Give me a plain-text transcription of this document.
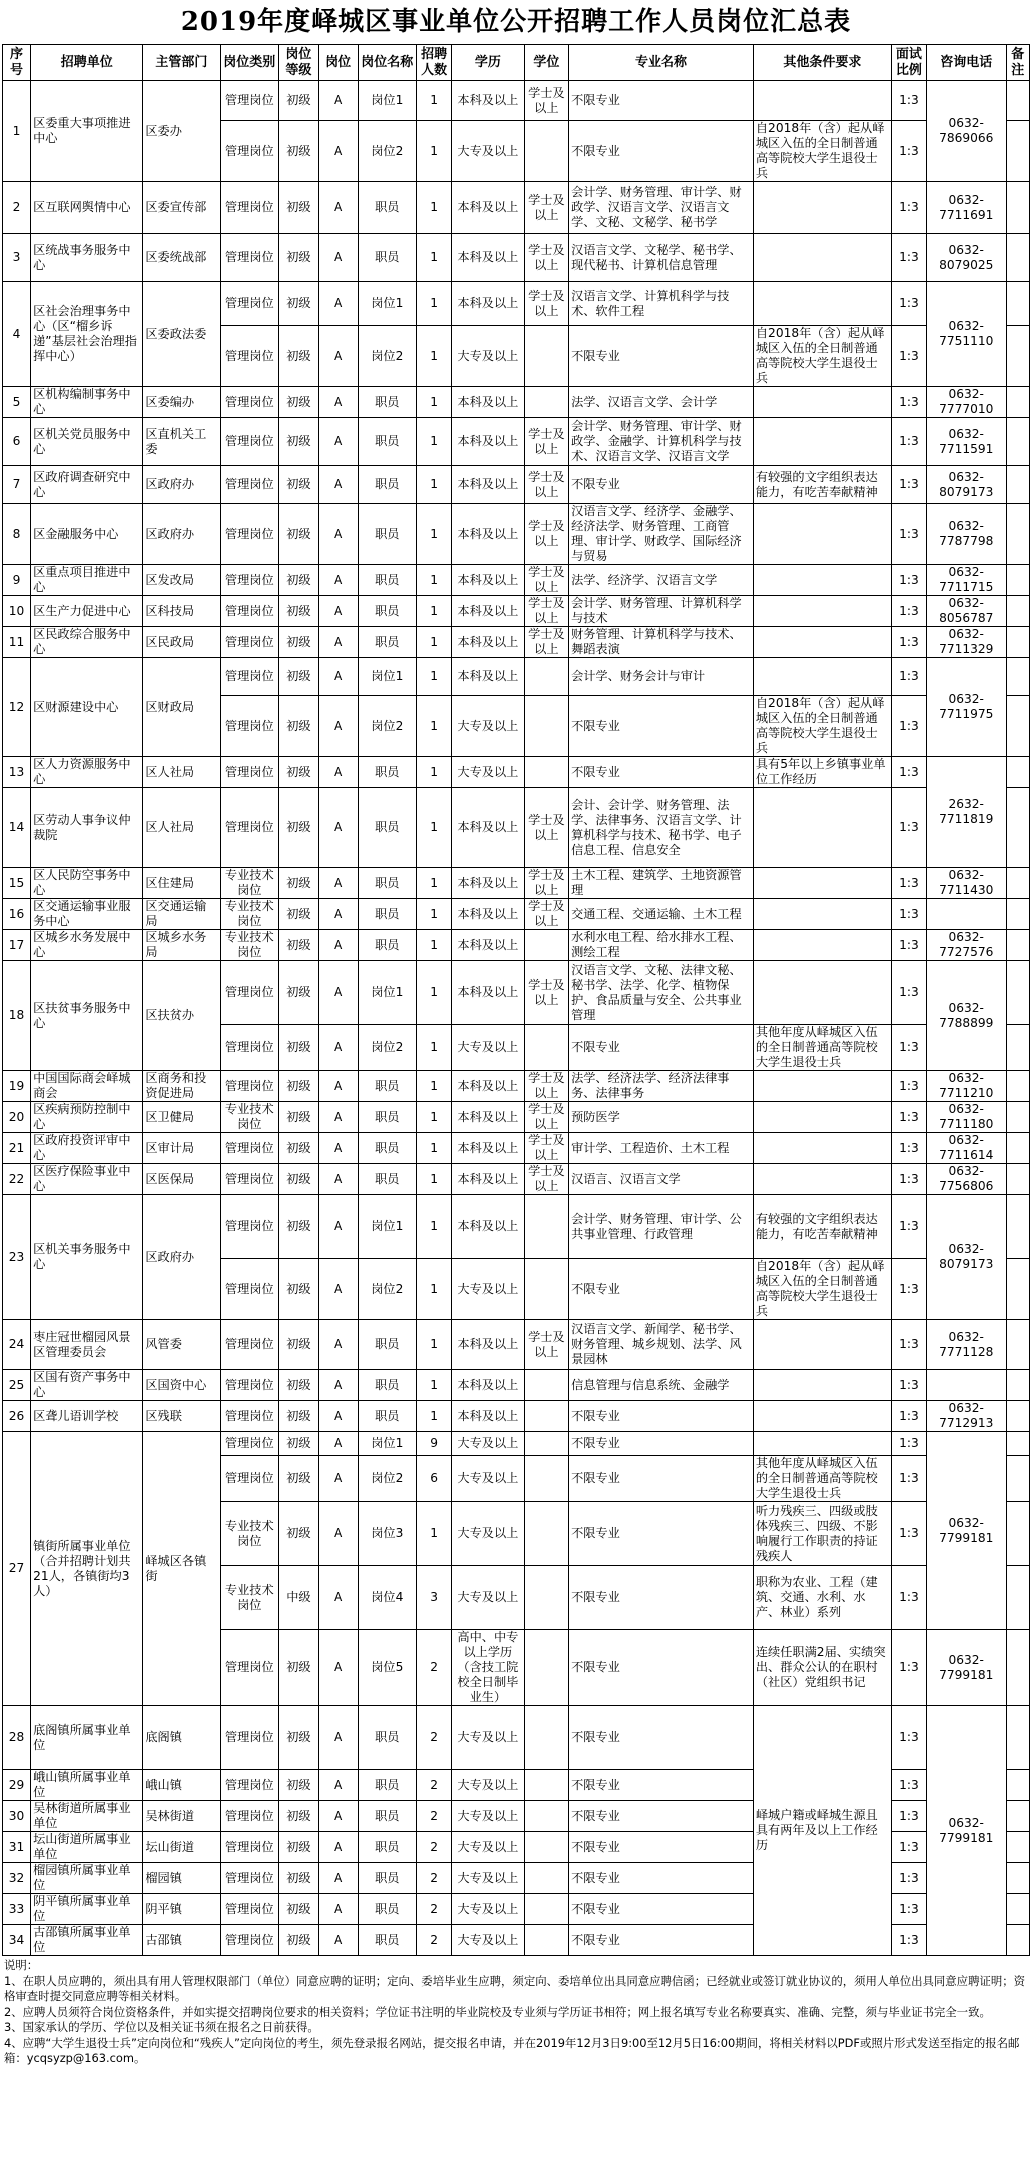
2019年度峄城区事业单位公开招聘工作人员岗位汇总表
序号	招聘单位	主管部门	岗位类别	岗位等级	岗位	岗位名称	招聘人数	学历	学位	专业名称	其他条件要求	面试比例	咨询电话	备注
1	区委重大事项推进中心	区委办	管理岗位	初级	A	岗位1	1	本科及以上	学士及以上	不限专业		1:3	0632-7869066	
			管理岗位	初级	A	岗位2	1	大专及以上		不限专业	自2018年（含）起从峄城区入伍的全日制普通高等院校大学生退役士兵	1:3		
2	区互联网舆情中心	区委宣传部	管理岗位	初级	A	职员	1	本科及以上	学士及以上	会计学、财务管理、审计学、财政学、汉语言文学、汉语言文学、文秘、文秘学、秘书学		1:3	0632-7711691	
3	区统战事务服务中心	区委统战部	管理岗位	初级	A	职员	1	本科及以上	学士及以上	汉语言文学、文秘学、秘书学、现代秘书、计算机信息管理		1:3	0632-8079025	
4	区社会治理事务中心（区“榴乡诉递”基层社会治理指挥中心）	区委政法委	管理岗位	初级	A	岗位1	1	本科及以上	学士及以上	汉语言文学、计算机科学与技术、软件工程		1:3	0632-7751110	
			管理岗位	初级	A	岗位2	1	大专及以上		不限专业	自2018年（含）起从峄城区入伍的全日制普通高等院校大学生退役士兵	1:3		
5	区机构编制事务中心	区委编办	管理岗位	初级	A	职员	1	本科及以上		法学、汉语言文学、会计学		1:3	0632-7777010	
6	区机关党员服务中心	区直机关工委	管理岗位	初级	A	职员	1	本科及以上	学士及以上	会计学、财务管理、审计学、财政学、金融学、计算机科学与技术、汉语言文学、汉语言文学		1:3	0632-7711591	
7	区政府调查研究中心	区政府办	管理岗位	初级	A	职员	1	本科及以上	学士及以上	不限专业	有较强的文字组织表达能力，有吃苦奉献精神	1:3	0632-8079173	
8	区金融服务中心	区政府办	管理岗位	初级	A	职员	1	本科及以上	学士及以上	汉语言文学、经济学、金融学、经济法学、财务管理、工商管理、审计学、财政学、国际经济与贸易		1:3	0632-7787798	
9	区重点项目推进中心	区发改局	管理岗位	初级	A	职员	1	本科及以上	学士及以上	法学、经济学、汉语言文学		1:3	0632-7711715	
10	区生产力促进中心	区科技局	管理岗位	初级	A	职员	1	本科及以上	学士及以上	会计学、财务管理、计算机科学与技术		1:3	0632-8056787	
11	区民政综合服务中心	区民政局	管理岗位	初级	A	职员	1	本科及以上	学士及以上	财务管理、计算机科学与技术、舞蹈表演		1:3	0632-7711329	
12	区财源建设中心	区财政局	管理岗位	初级	A	岗位1	1	本科及以上		会计学、财务会计与审计		1:3	0632-7711975	
			管理岗位	初级	A	岗位2	1	大专及以上		不限专业	自2018年（含）起从峄城区入伍的全日制普通高等院校大学生退役士兵	1:3		
13	区人力资源服务中心	区人社局	管理岗位	初级	A	职员	1	大专及以上		不限专业	具有5年以上乡镇事业单位工作经历	1:3	2632-7711819	
14	区劳动人事争议仲裁院	区人社局	管理岗位	初级	A	职员	1	本科及以上	学士及以上	会计、会计学、财务管理、法学、法律事务、汉语言文学、计算机科学与技术、秘书学、电子信息工程、信息安全		1:3		
15	区人民防空事务中心	区住建局	专业技术岗位	初级	A	职员	1	本科及以上	学士及以上	土木工程、建筑学、土地资源管理		1:3	0632-7711430	
16	区交通运输事业服务中心	区交通运输局	专业技术岗位	初级	A	职员	1	本科及以上	学士及以上	交通工程、交通运输、土木工程		1:3		
17	区城乡水务发展中心	区城乡水务局	专业技术岗位	初级	A	职员	1	本科及以上		水利水电工程、给水排水工程、测绘工程		1:3	0632-7727576	
18	区扶贫事务服务中心	区扶贫办	管理岗位	初级	A	岗位1	1	本科及以上	学士及以上	汉语言文学、文秘、法律文秘、秘书学、法学、化学、植物保护、食品质量与安全、公共事业管理		1:3	0632-7788899	
			管理岗位	初级	A	岗位2	1	大专及以上		不限专业	其他年度从峄城区入伍的全日制普通高等院校大学生退役士兵	1:3		
19	中国国际商会峄城商会	区商务和投资促进局	管理岗位	初级	A	职员	1	本科及以上	学士及以上	法学、经济法学、经济法律事务、法律事务		1:3	0632-7711210	
20	区疾病预防控制中心	区卫健局	专业技术岗位	初级	A	职员	1	本科及以上	学士及以上	预防医学		1:3	0632-7711180	
21	区政府投资评审中心	区审计局	管理岗位	初级	A	职员	1	本科及以上	学士及以上	审计学、工程造价、土木工程		1:3	0632-7711614	
22	区医疗保险事业中心	区医保局	管理岗位	初级	A	职员	1	本科及以上	学士及以上	汉语言、汉语言文学		1:3	0632-7756806	
23	区机关事务服务中心	区政府办	管理岗位	初级	A	岗位1	1	本科及以上		会计学、财务管理、审计学、公共事业管理、行政管理	有较强的文字组织表达能力，有吃苦奉献精神	1:3	0632-8079173	
			管理岗位	初级	A	岗位2	1	大专及以上		不限专业	自2018年（含）起从峄城区入伍的全日制普通高等院校大学生退役士兵	1:3		
24	枣庄冠世榴园风景区管理委员会	风管委	管理岗位	初级	A	职员	1	本科及以上	学士及以上	汉语言文学、新闻学、秘书学、财务管理、城乡规划、法学、风景园林		1:3	0632-7771128	
25	区国有资产事务中心	区国资中心	管理岗位	初级	A	职员	1	本科及以上		信息管理与信息系统、金融学		1:3		
26	区聋儿语训学校	区残联	管理岗位	初级	A	职员	1	本科及以上		不限专业		1:3	0632-7712913	
27	镇街所属事业单位（合并招聘计划共21人，各镇街均3人）	峄城区各镇街	管理岗位	初级	A	岗位1	9	大专及以上		不限专业		1:3	0632-7799181	
			管理岗位	初级	A	岗位2	6	大专及以上		不限专业	其他年度从峄城区入伍的全日制普通高等院校大学生退役士兵	1:3		
			专业技术岗位	初级	A	岗位3	1	大专及以上		不限专业	听力残疾三、四级或肢体残疾三、四级、不影响履行工作职责的持证残疾人	1:3		
			专业技术岗位	中级	A	岗位4	3	大专及以上		不限专业	职称为农业、工程（建筑、交通、水利、水产、林业）系列	1:3		
			管理岗位	初级	A	岗位5	2	高中、中专以上学历（含技工院校全日制毕业生）		不限专业	连续任职满2届、实绩突出、群众公认的在职村（社区）党组织书记	1:3	0632-7799181	
28	底阁镇所属事业单位	底阁镇	管理岗位	初级	A	职员	2	大专及以上		不限专业	峄城户籍或峄城生源且具有两年及以上工作经历	1:3	0632-7799181	
29	峨山镇所属事业单位	峨山镇	管理岗位	初级	A	职员	2	大专及以上		不限专业		1:3		
30	吴林街道所属事业单位	吴林街道	管理岗位	初级	A	职员	2	大专及以上		不限专业		1:3		
31	坛山街道所属事业单位	坛山街道	管理岗位	初级	A	职员	2	大专及以上		不限专业		1:3		
32	榴园镇所属事业单位	榴园镇	管理岗位	初级	A	职员	2	大专及以上		不限专业		1:3		
33	阴平镇所属事业单位	阴平镇	管理岗位	初级	A	职员	2	大专及以上		不限专业		1:3		
34	古邵镇所属事业单位	古邵镇	管理岗位	初级	A	职员	2	大专及以上		不限专业		1:3		
说明：
1、在职人员应聘的，须出具有用人管理权限部门（单位）同意应聘的证明；定向、委培毕业生应聘，须定向、委培单位出具同意应聘信函；已经就业或签订就业协议的，须用人单位出具同意应聘证明；资格审查时提交同意应聘等相关材料。
2、应聘人员须符合岗位资格条件，并如实提交招聘岗位要求的相关资料；学位证书注明的毕业院校及专业须与学历证书相符；网上报名填写专业名称要真实、准确、完整，须与毕业证书完全一致。
3、国家承认的学历、学位以及相关证书须在报名之日前获得。
4、应聘“大学生退役士兵”定向岗位和“残疾人”定向岗位的考生，须先登录报名网站，提交报名申请，并在2019年12月3日9:00至12月5日16:00期间，将相关材料以PDF或照片形式发送至指定的报名邮箱：ycqsyzp@163.com。
